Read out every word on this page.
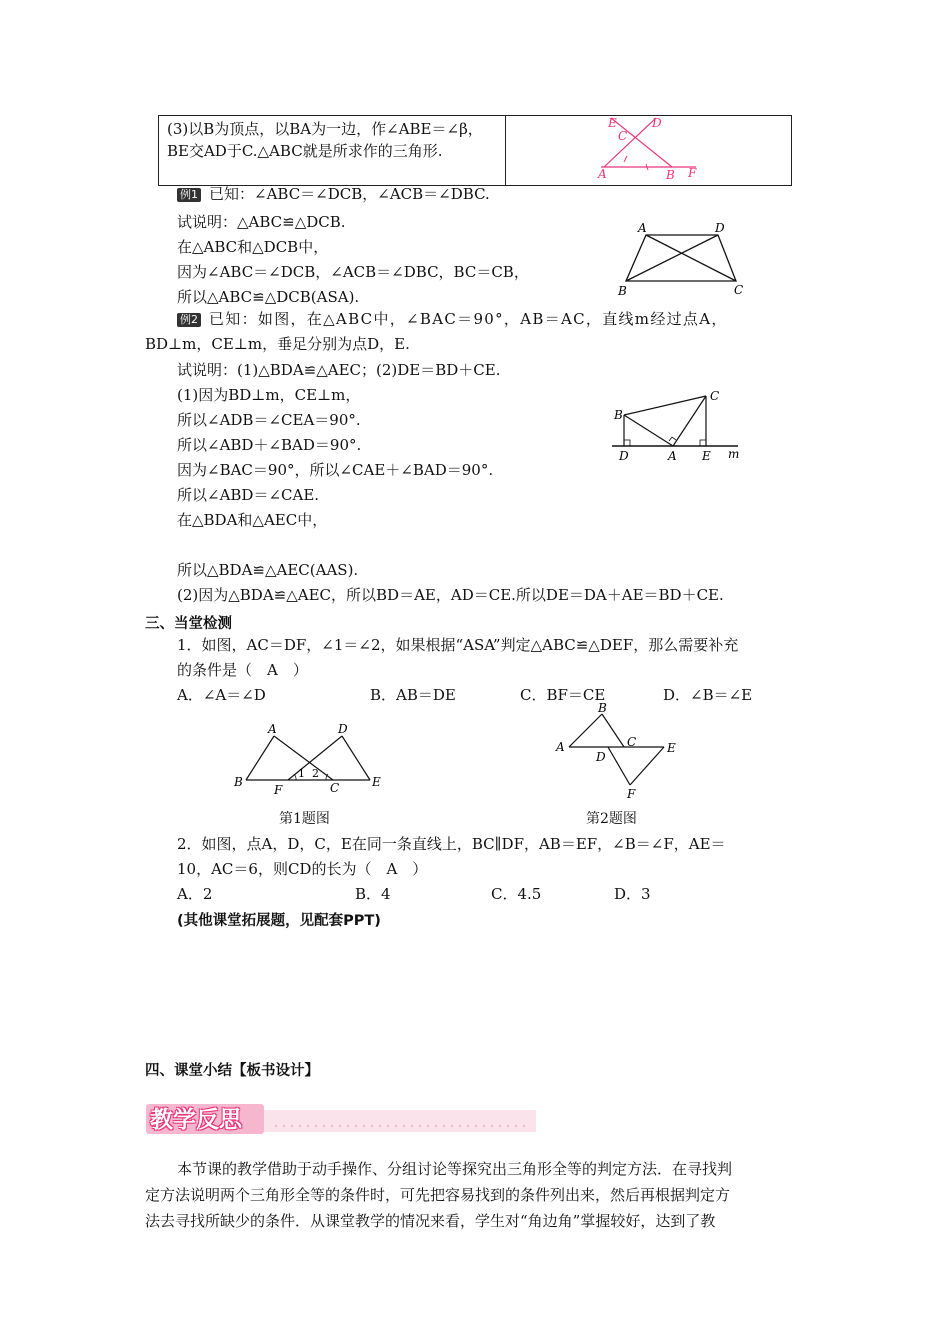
(3)以B为顶点，以BA为一边，作∠ABE＝∠β，BE交AD于C.△ABC就是所求作的三角形.

E	D
C
A	B F
例1 已知：∠ABC＝∠DCB，∠ACB＝∠DBC.
试说明：△ABC≌△DCB.
在△ABC和△DCB中，
因为∠ABC＝∠DCB，∠ACB＝∠DBC，BC＝CB，
所以△ABC≌△DCB(ASA).
A	D
B	C
例2 已知：如图，在△ABC中，∠BAC＝90°，AB＝AC，直线m经过点A，
BD⊥m，CE⊥m，垂足分别为点D，E.
试说明：(1)△BDA≌△AEC；(2)DE＝BD＋CE.
(1)因为BD⊥m，CE⊥m，
所以∠ADB＝∠CEA＝90°.
所以∠ABD＋∠BAD＝90°.
因为∠BAC＝90°，所以∠CAE＋∠BAD＝90°.
所以∠ABD＝∠CAE.
在△BDA和△AEC中，
所以△BDA≌△AEC(AAS).
(2)因为△BDA≌△AEC，所以BD＝AE，AD＝CE.所以DE＝DA＋AE＝BD＋CE.
B
C
D	A E m
三、当堂检测
1．如图，AC＝DF，∠1＝∠2，如果根据“ASA”判定△ABC≌△DEF，那么需要补充
的条件是（　A　）
A．∠A＝∠D	B．AB＝DE	C．BF＝CE	D．∠B＝∠E
A	D
B
F
1 2
C	E
第1题图
B
A	C
D
E
F
第2题图
2．如图，点A，D，C，E在同一条直线上，BC∥DF，AB＝EF，∠B＝∠F，AE＝
10，AC＝6，则CD的长为（　A　）
A．2	B．4	C．4.5	D．3
(其他课堂拓展题，见配套PPT)
四、课堂小结【板书设计】
教学反思
本节课的教学借助于动手操作、分组讨论等探究出三角形全等的判定方法．在寻找判
定方法说明两个三角形全等的条件时，可先把容易找到的条件列出来，然后再根据判定方
法去寻找所缺少的条件．从课堂教学的情况来看，学生对“角边角”掌握较好，达到了教
